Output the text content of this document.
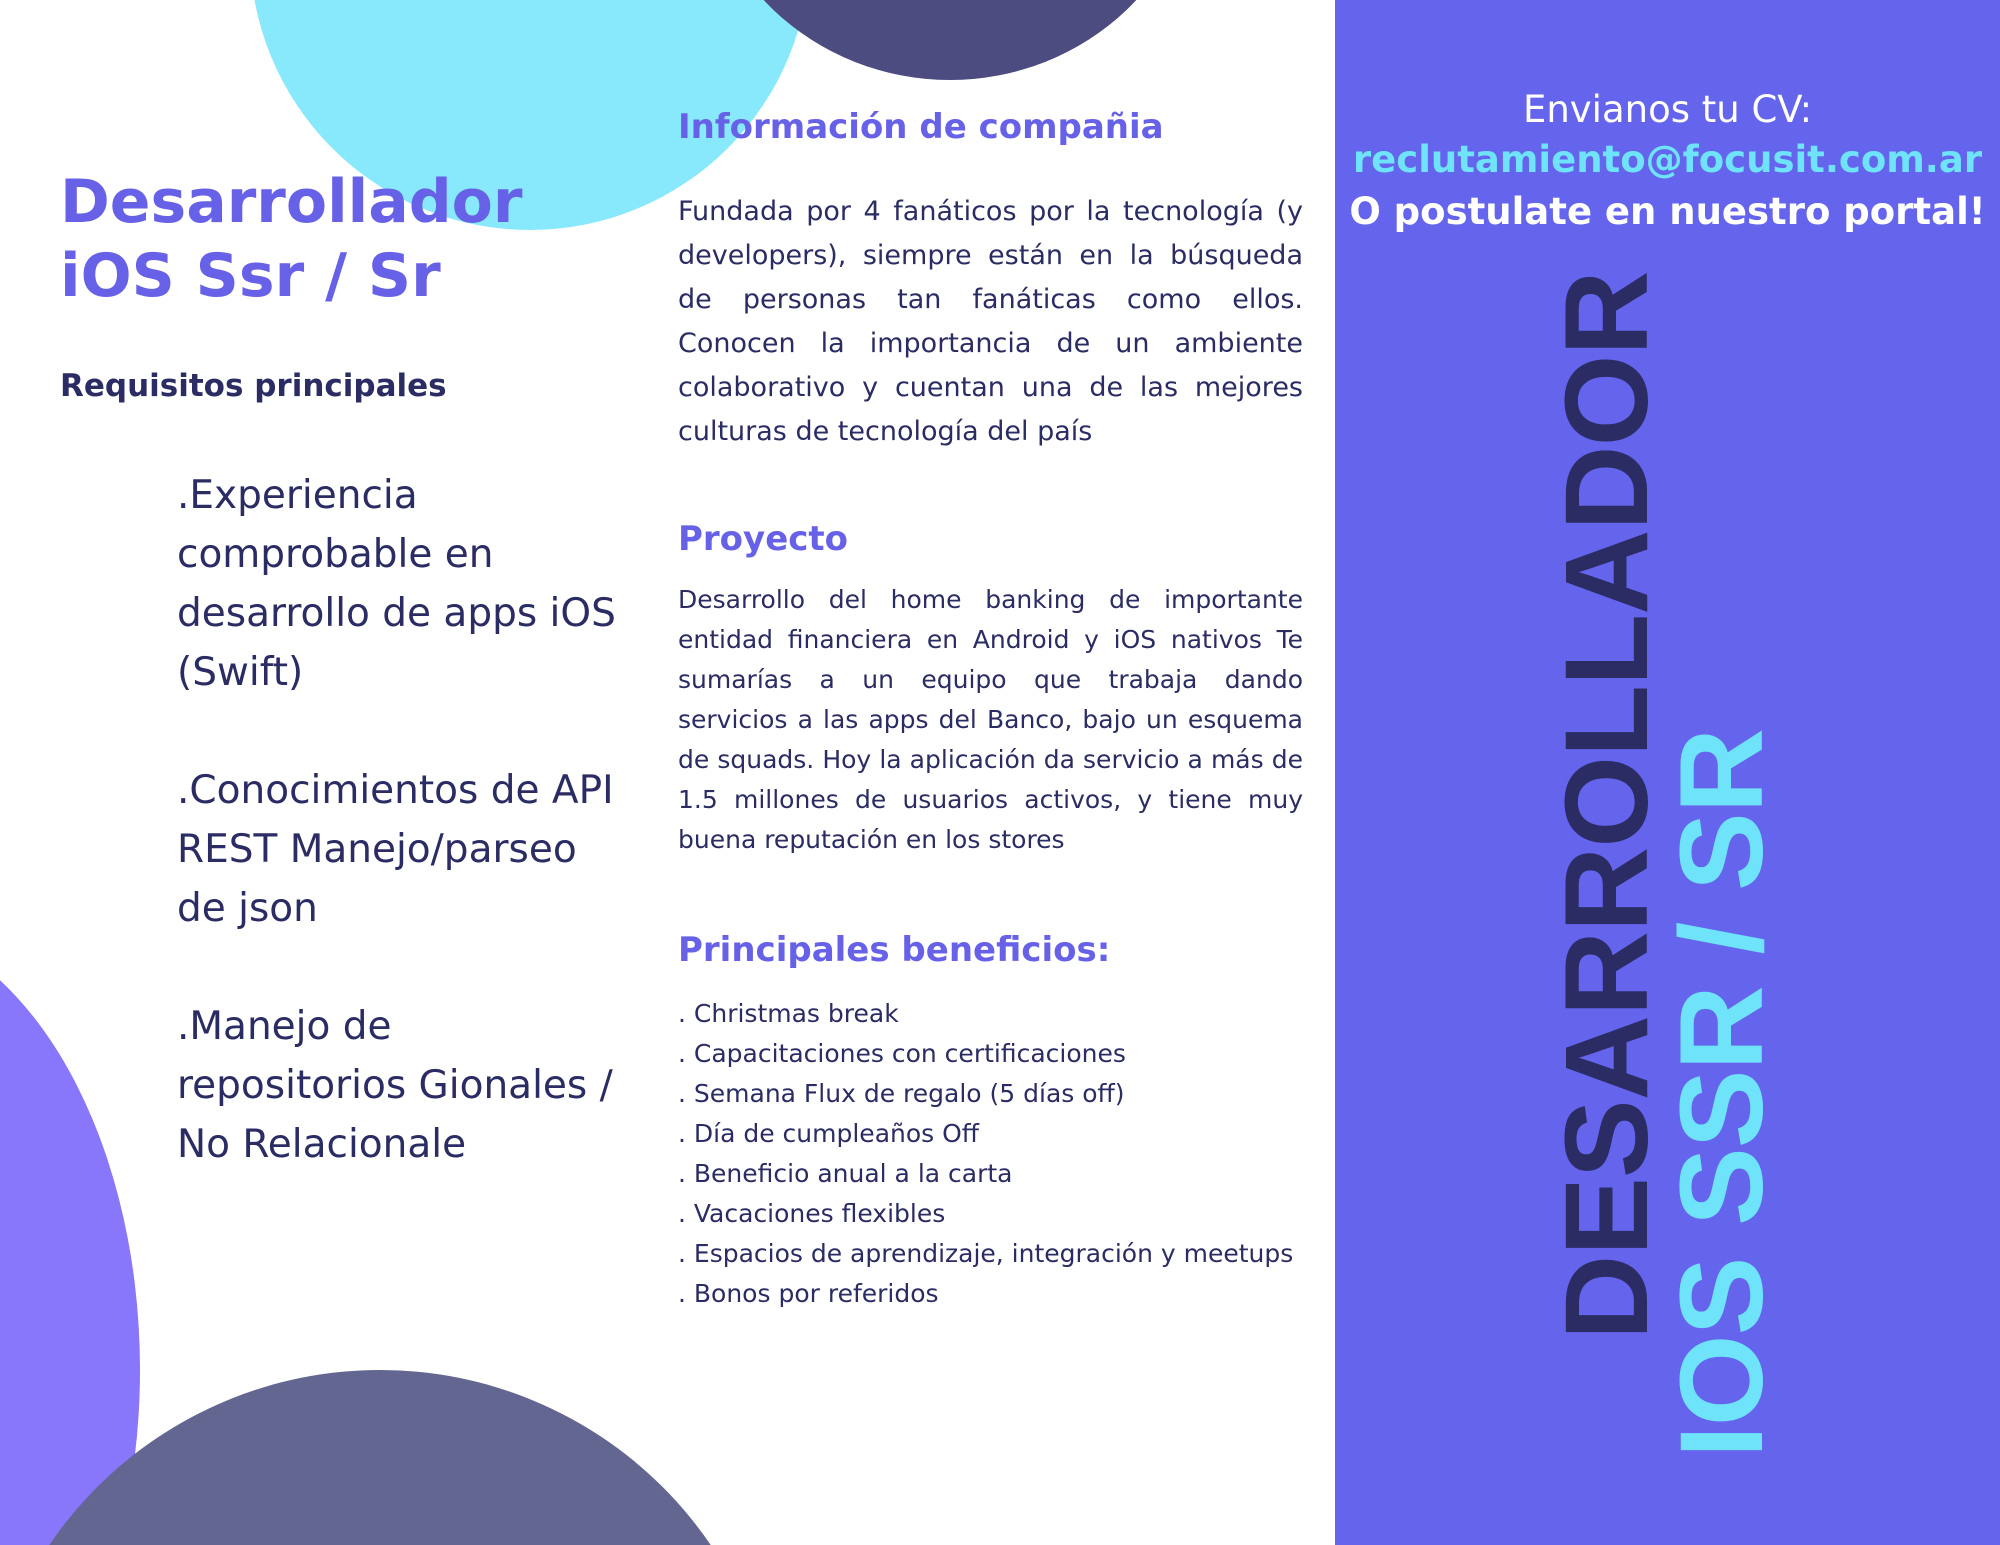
Desarrollador
iOS Ssr / Sr
Requisitos principales
.Experiencia comprobable en desarrollo de apps iOS (Swift)
.Conocimientos de API REST Manejo/parseo de json
.Manejo de repositorios Gionales / No Relacionale
Información de compañia

Fundada por 4 fanáticos por la tecnología (y developers), siempre están en la búsqueda de personas tan fanáticas como ellos. Conocen la importancia de un ambiente colaborativo y cuentan una de las mejores culturas de tecnología del país

Proyecto

Desarrollo del home banking de importante entidad financiera en Android y iOS nativos Te sumarías a un equipo que trabaja dando servicios a las apps del Banco, bajo un esquema de squads. Hoy la aplicación da servicio a más de 1.5 millones de usuarios activos, y tiene muy buena reputación en los stores

Principales beneficios:
. Christmas break
. Capacitaciones con certificaciones
. Semana Flux de regalo (5 días off)
. Día de cumpleaños Off
. Beneficio anual a la carta
. Vacaciones flexibles
. Espacios de aprendizaje, integración y meetups
. Bonos por referidos
Envianos tu CV:
reclutamiento@focusit.com.ar
O postulate en nuestro portal!
DESARROLLADOR
IOS SSR / SR
